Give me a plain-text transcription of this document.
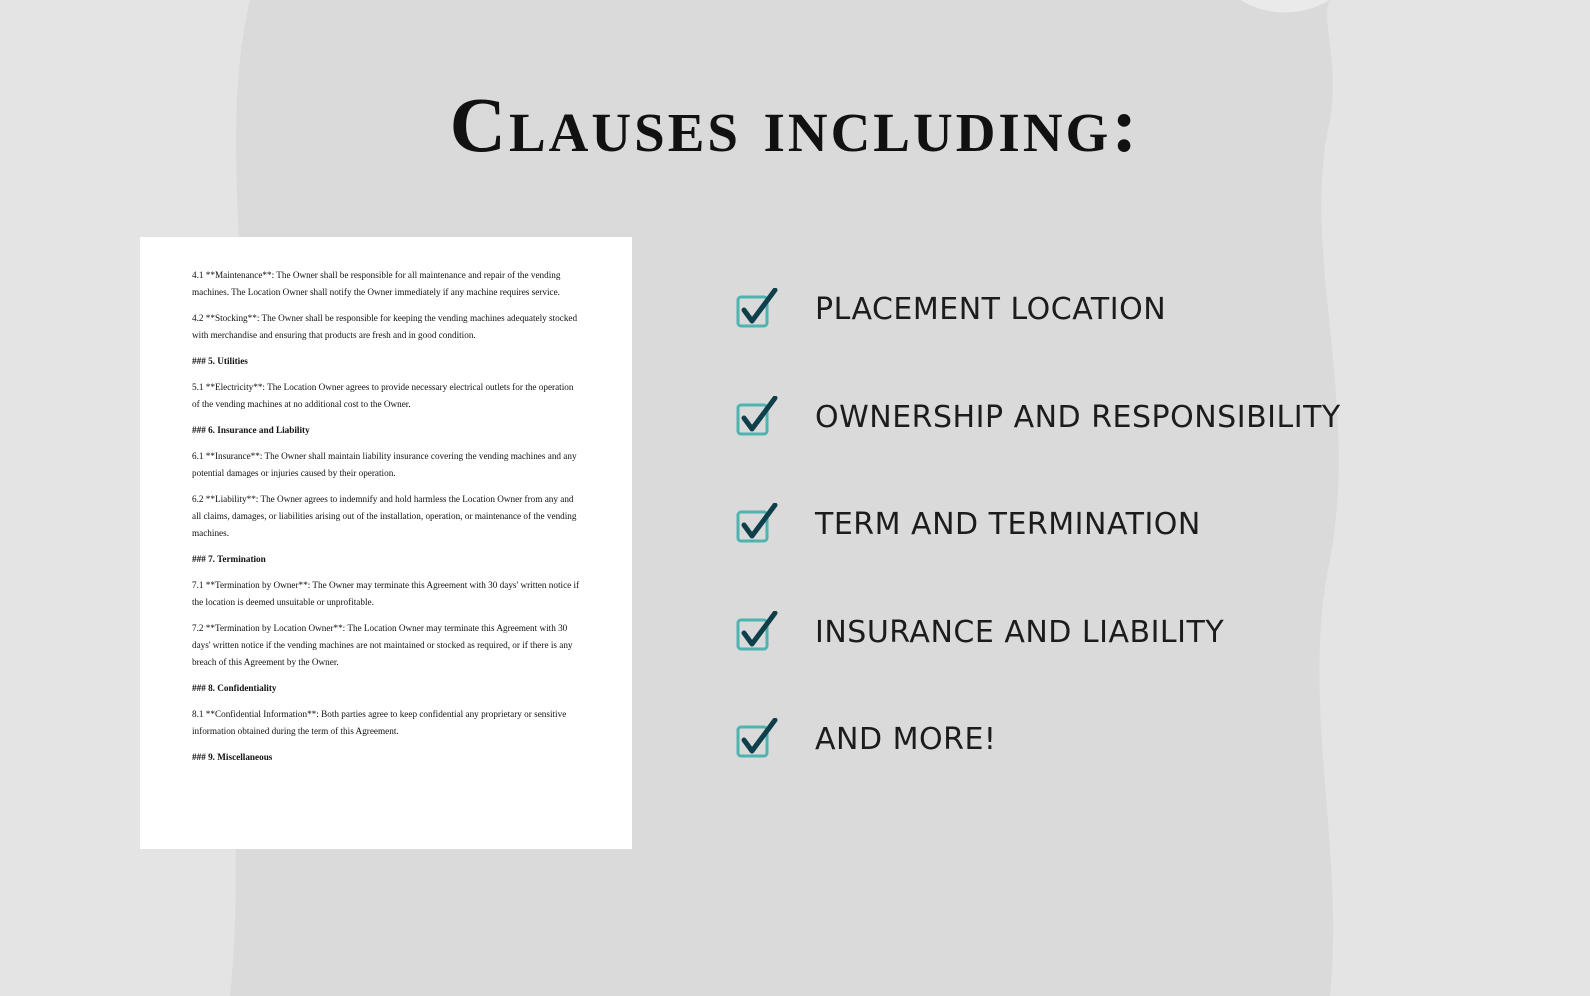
Clauses including:

4.1 **Maintenance**: The Owner shall be responsible for all maintenance and repair of the vending machines. The Location Owner shall notify the Owner immediately if any machine requires service.

4.2 **Stocking**: The Owner shall be responsible for keeping the vending machines adequately stocked with merchandise and ensuring that products are fresh and in good condition.

### 5. Utilities

5.1 **Electricity**: The Location Owner agrees to provide necessary electrical outlets for the operation of the vending machines at no additional cost to the Owner.

### 6. Insurance and Liability

6.1 **Insurance**: The Owner shall maintain liability insurance covering the vending machines and any potential damages or injuries caused by their operation.

6.2 **Liability**: The Owner agrees to indemnify and hold harmless the Location Owner from any and all claims, damages, or liabilities arising out of the installation, operation, or maintenance of the vending machines.

### 7. Termination

7.1 **Termination by Owner**: The Owner may terminate this Agreement with 30 days' written notice if the location is deemed unsuitable or unprofitable.

7.2 **Termination by Location Owner**: The Location Owner may terminate this Agreement with 30 days' written notice if the vending machines are not maintained or stocked as required, or if there is any breach of this Agreement by the Owner.

### 8. Confidentiality

8.1 **Confidential Information**: Both parties agree to keep confidential any proprietary or sensitive information obtained during the term of this Agreement.

### 9. Miscellaneous

PLACEMENT LOCATION
OWNERSHIP AND RESPONSIBILITY
TERM AND TERMINATION
INSURANCE AND LIABILITY
AND MORE!
